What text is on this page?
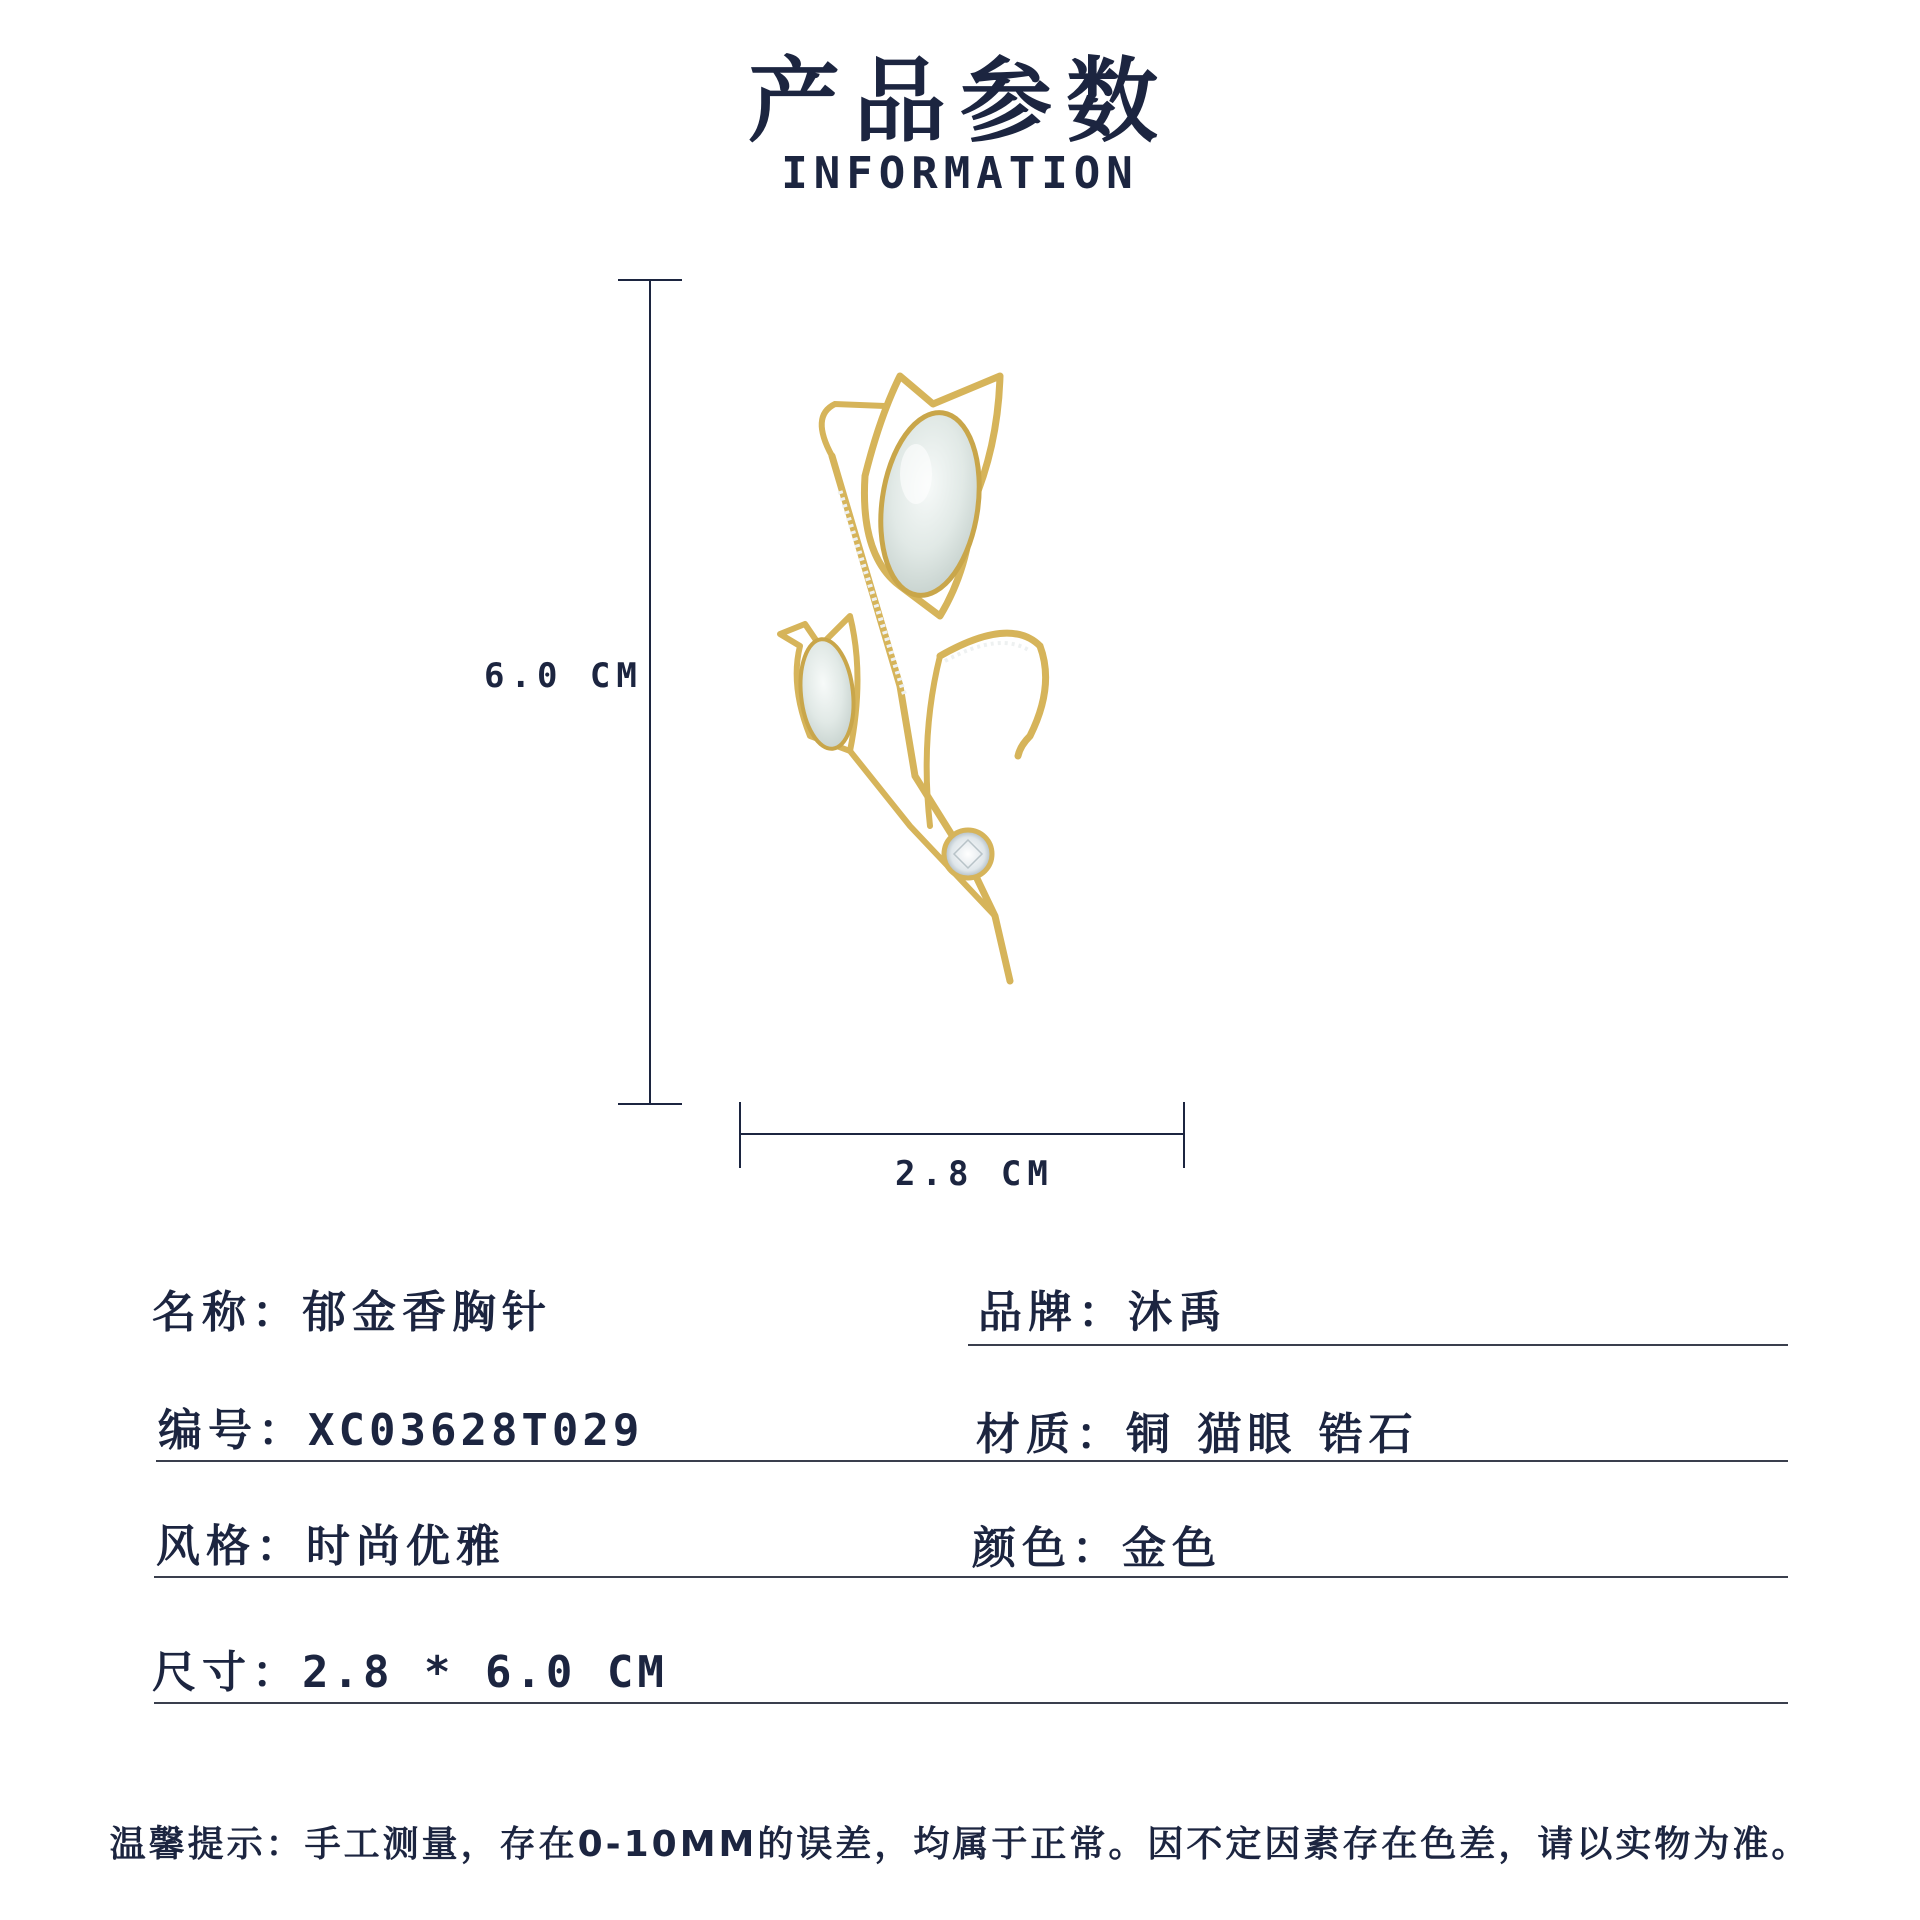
产品参数
INFORMATION
6.0 CM
2.8 CM
名称：郁金香胸针	品牌：沐禹
编号：XC03628T029	材质：铜 猫眼 锆石
风格：时尚优雅	颜色：金色
尺寸：2.8 * 6.0 CM
温馨提示：手工测量，存在0-10MM的误差，均属于正常。因不定因素存在色差，请以实物为准。
